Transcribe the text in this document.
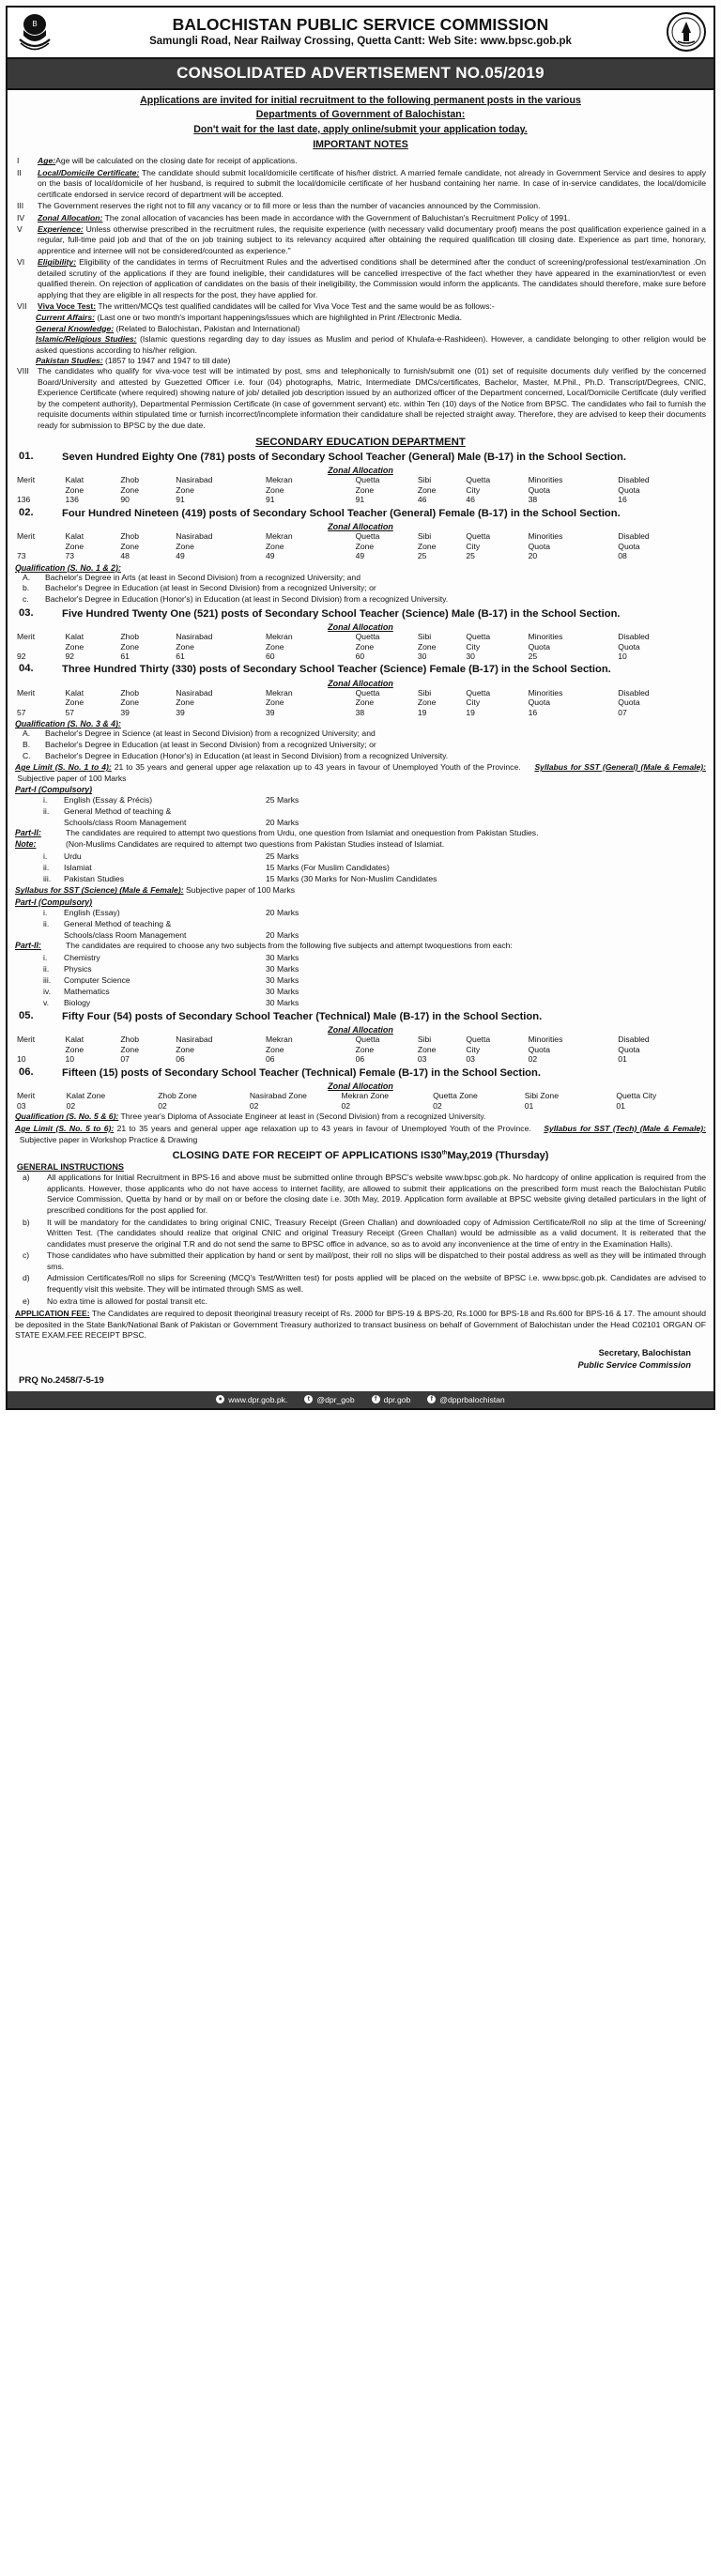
B	BALOCHISTAN PUBLIC SERVICE COMMISSION
Samungli Road, Near Railway Crossing, Quetta Cantt: Web Site: www.bpsc.gob.pk
CONSOLIDATED ADVERTISEMENT NO.05/2019
Applications are invited for initial recruitment to the following permanent posts in the various
Departments of Government of Balochistan:
Don't wait for the last date, apply online/submit your application today.
IMPORTANT NOTES
I	Age:Age will be calculated on the closing date for receipt of applications.
II	Local/Domicile Certificate: The candidate should submit local/domicile certificate of his/her district. A married female candidate, not already in Government Service and desires to apply on the basis of local/domicile of her husband, is required to submit the local/domicile certificate of her husband containing her name. In case of in-service candidates, the local/domicile certificate endorsed in service record of department will be accepted.
III	The Government reserves the right not to fill any vacancy or to fill more or less than the number of vacancies announced by the Commission.
IV	Zonal Allocation: The zonal allocation of vacancies has been made in accordance with the Government of Baluchistan's Recruitment Policy of 1991.
V	Experience: Unless otherwise prescribed in the recruitment rules, the requisite experience (with necessary valid documentary proof) means the post qualification experience gained in a regular, full-time paid job and that of the on job training subject to its relevancy acquired after obtaining the required qualification till closing date. Experience as part time, honorary, apprentice and internee will not be considered/counted as experience."
VI	Eligibility: Eligibility of the candidates in terms of Recruitment Rules and the advertised conditions shall be determined after the conduct of screening/professional test/examination .On detailed scrutiny of the applications if they are found ineligible, their candidatures will be cancelled irrespective of the fact whether they have appeared in the examination/test or even qualified therein. On rejection of application of candidates on the basis of their ineligibility, the Commission would inform the applicants. The candidates should therefore, make sure before applying that they are eligible in all respects for the post, they have applied for.
VII	Viva Voce Test: The written/MCQs test qualified candidates will be called for Viva Voce Test and the same would be as follows:-
Current Affairs: (Last one or two month's important happenings/issues which are highlighted in Print /Electronic Media.
General Knowledge: (Related to Balochistan, Pakistan and International)
Islamic/Religious Studies: (Islamic questions regarding day to day issues as Muslim and period of Khulafa-e-Rashideen). However, a candidate belonging to other religion would be asked questions according to his/her religion.
Pakistan Studies: (1857 to 1947 and 1947 to till date)
VIII	The candidates who qualify for viva-voce test will be intimated by post, sms and telephonically to furnish/submit one (01) set of requisite documents duly verified by the concerned Board/University and attested by Guezetted Officer i.e. four (04) photographs, Matric, Intermediate DMCs/certificates, Bachelor, Master, M.Phil., Ph.D. Transcript/Degrees, CNIC, Experience Certificate (where required) showing nature of job/ detailed job description issued by an authorized officer of the Department concerned, Local/Domicile Certificate (duly verified by the competent authority), Departmental Permission Certificate (in case of government servant) etc. within Ten (10) days of the Notice from BPSC. The candidates who fail to furnish the requisite documents within stipulated time or furnish incorrect/incomplete information their candidature shall be rejected straight away. Therefore, they are advised to keep their documents ready for submission to BPSC by the due date.
SECONDARY EDUCATION DEPARTMENT
01.	Seven Hundred Eighty One (781) posts of Secondary School Teacher (General) Male (B-17) in the School Section.
Zonal Allocation
Merit	Kalat	Zhob	Nasirabad	Mekran	Quetta	Sibi	Quetta	Minorities	Disabled
	Zone	Zone	Zone	Zone	Zone	Zone	City	Quota	Quota
136	136	90	91	91	91	46	46	38	16
02.	Four Hundred Nineteen (419) posts of Secondary School Teacher (General) Female (B-17) in the School Section.
Zonal Allocation
Merit	Kalat	Zhob	Nasirabad	Mekran	Quetta	Sibi	Quetta	Minorities	Disabled
	Zone	Zone	Zone	Zone	Zone	Zone	City	Quota	Quota
73	73	48	49	49	49	25	25	20	08
Qualification (S. No. 1 & 2):
A.	Bachelor's Degree in Arts (at least in Second Division) from a recognized University; and
b.	Bachelor's Degree in Education (at least in Second Division) from a recognized University; or
c.	Bachelor's Degree in Education (Honor's) in Education (at least in Second Division) from a recognized University.
03.	Five Hundred Twenty One (521) posts of Secondary School Teacher (Science) Male (B-17) in the School Section.
Zonal Allocation
Merit	Kalat	Zhob	Nasirabad	Mekran	Quetta	Sibi	Quetta	Minorities	Disabled
	Zone	Zone	Zone	Zone	Zone	Zone	City	Quota	Quota
92	92	61	61	60	60	30	30	25	10
04.	Three Hundred Thirty (330) posts of Secondary School Teacher (Science) Female (B-17) in the School Section.
Zonal Allocation
Merit	Kalat	Zhob	Nasirabad	Mekran	Quetta	Sibi	Quetta	Minorities	Disabled
	Zone	Zone	Zone	Zone	Zone	Zone	City	Quota	Quota
57	57	39	39	39	38	19	19	16	07
Qualification (S. No. 3 & 4):
A.	Bachelor's Degree in Science (at least in Second Division) from a recognized University; and
B.	Bachelor's Degree in Education (at least in Second Division) from a recognized University; or
C.	Bachelor's Degree in Education (Honor's) in Education (at least in Second Division) from a recognized University.
Age Limit (S. No. 1 to 4): 21 to 35 years and general upper age relaxation up to 43 years in favour of Unemployed Youth of the Province. Syllabus for SST (General) (Male & Female):  Subjective paper of 100 Marks
Part-I (Compulsory)
i.	English (Essay & Précis)	25 Marks
ii.	General Method of teaching &
Schools/class Room Management	20 Marks
Part-II:	The candidates are required to attempt two questions from Urdu, one question from Islamiat and onequestion from Pakistan Studies.
Note:	(Non-Muslims Candidates are required to attempt two questions from Pakistan Studies instead of Islamiat.
i.	Urdu	25 Marks
ii.	Islamiat	15 Marks (For Muslim Candidates)
iii.	Pakistan Studies	15 Marks (30 Marks for Non-Muslim Candidates
Syllabus for SST (Science) (Male & Female): Subjective paper of 100 Marks
Part-I (Compulsory)
i.	English (Essay)	20 Marks
ii.	General Method of teaching &
Schools/class Room Management	20 Marks
Part-II:	The candidates are required to choose any two subjects from the following five subjects and attempt twoquestions from each:
i.	Chemistry	30 Marks
ii.	Physics	30 Marks
iii.	Computer Science	30 Marks
iv.	Mathematics	30 Marks
v.	Biology	30 Marks
05.	Fifty Four (54) posts of Secondary School Teacher (Technical) Male (B-17) in the School Section.
Zonal Allocation
Merit	Kalat	Zhob	Nasirabad	Mekran	Quetta	Sibi	Quetta	Minorities	Disabled
	Zone	Zone	Zone	Zone	Zone	Zone	City	Quota	Quota
10	10	07	06	06	06	03	03	02	01
06.	Fifteen (15) posts of Secondary School Teacher (Technical) Female (B-17) in the School Section.
Zonal Allocation
Merit	Kalat Zone	Zhob Zone	Nasirabad Zone	Mekran Zone	Quetta Zone	Sibi Zone	Quetta City
03	02	02	02	02	02	01	01
Qualification (S. No. 5 & 6): Three year's Diploma of Associate Engineer at least in (Second Division) from a recognized University.
Age Limit (S. No. 5 to 6): 21 to 35 years and general upper age relaxation up to 43 years in favour of Unemployed Youth of the Province. Syllabus for SST (Tech) (Male & Female):   Subjective paper in Workshop Practice & Drawing
CLOSING DATE FOR RECEIPT OF APPLICATIONS IS30thMay,2019 (Thursday)
GENERAL INSTRUCTIONS
a)	All applications for Initial Recruitment in BPS-16 and above must be submitted online through BPSC's website www.bpsc.gob.pk. No hardcopy of online application is required from the applicants. However, those applicants who do not have access to internet facility, are allowed to submit their applications on the prescribed form must reach the Balochistan Public Service Commission, Quetta by hand or by mail on or before the closing date i.e. 30th May, 2019. Application form available at BPSC website giving detailed particulars in the light of prescribed conditions for the post applied for.
b)	It will be mandatory for the candidates to bring original CNIC, Treasury Receipt (Green Challan) and downloaded copy of Admission Certificate/Roll no slip at the time of Screening/ Written Test. (The candidates should realize that original CNIC and original Treasury Receipt (Green Challan) would be admissible as a valid document. It is reiterated that the candidates must preserve the original T.R and do not send the same to BPSC office in advance, so as to avoid any inconvenience at the time of entry in the Examination Halls).
c)	Those candidates who have submitted their application by hand or sent by mail/post, their roll no slips will be dispatched to their postal address as well as they will be intimated through sms.
d)	Admission Certificates/Roll no slips for Screening (MCQ's Test/Written test) for posts applied will be placed on the website of BPSC i.e. www.bpsc.gob.pk. Candidates are advised to frequently visit this website. They will be intimated through SMS as well.
e)	No extra time is allowed for postal transit etc.
APPLICATION FEE: The Candidates are required to deposit theoriginal treasury receipt of Rs. 2000 for BPS-19 & BPS-20, Rs.1000 for BPS-18 and Rs.600 for BPS-16 & 17. The amount should be deposited in the State Bank/National Bank of Pakistan or Government Treasury authorized to transact business on behalf of Government of Balochistan under the Head C02101 ORGAN OF STATE EXAM.FEE RECEIPT BPSC.
Secretary, Balochistan
Public Service Commission
PRQ No.2458/7-5-19
● www.dpr.gob.pk.	t @dpr_gob	f dpr.gob	f @dpprbalochistan
